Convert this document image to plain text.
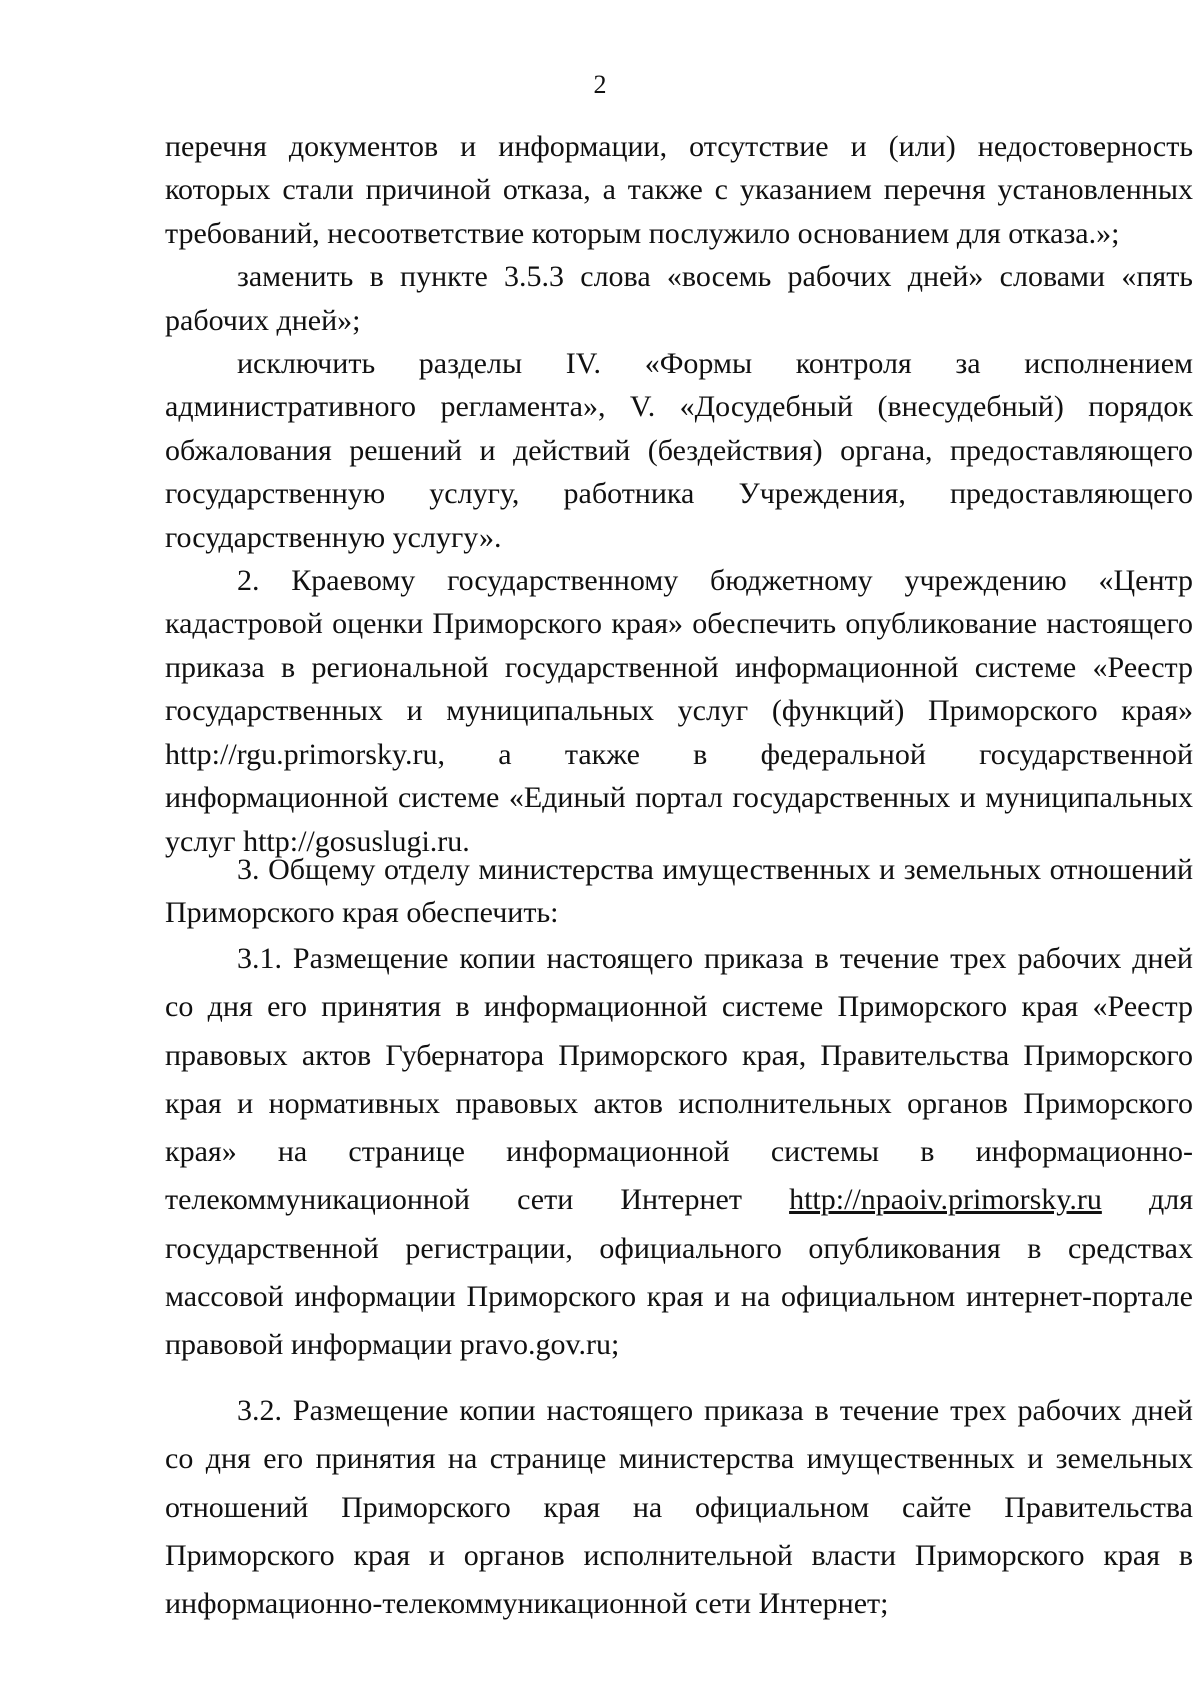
2

перечня документов и информации, отсутствие и (или) недостоверность которых стали причиной отказа, а также с указанием перечня установленных требований, несоответствие которым послужило основанием для отказа.»;

заменить в пункте 3.5.3 слова «восемь рабочих дней» словами «пять рабочих дней»;

исключить разделы IV. «Формы контроля за исполнением административного регламента», V. «Досудебный (внесудебный) порядок обжалования решений и действий (бездействия) органа, предоставляющего государственную услугу, работника Учреждения, предоставляющего государственную услугу».

2. Краевому государственному бюджетному учреждению «Центр кадастровой оценки Приморского края» обеспечить опубликование настоящего приказа в региональной государственной информационной системе «Реестр государственных и муниципальных услуг (функций) Приморского края» http://rgu.primorsky.ru, а также в федеральной государственной информационной системе «Единый портал государственных и муниципальных услуг http://gosuslugi.ru.

3. Общему отделу министерства имущественных и земельных отношений Приморского края обеспечить:

3.1. Размещение копии настоящего приказа в течение трех рабочих дней со дня его принятия в информационной системе Приморского края «Реестр правовых актов Губернатора Приморского края, Правительства Приморского края и нормативных правовых актов исполнительных органов Приморского края» на странице информационной системы в информационно-телекоммуникационной сети Интернет http://npaoiv.primorsky.ru для государственной регистрации, официального опубликования в средствах массовой информации Приморского края и на официальном интернет-портале правовой информации pravo.gov.ru;

3.2. Размещение копии настоящего приказа в течение трех рабочих дней со дня его принятия на странице министерства имущественных и земельных отношений Приморского края на официальном сайте Правительства Приморского края и органов исполнительной власти Приморского края в информационно-телекоммуникационной сети Интернет;
